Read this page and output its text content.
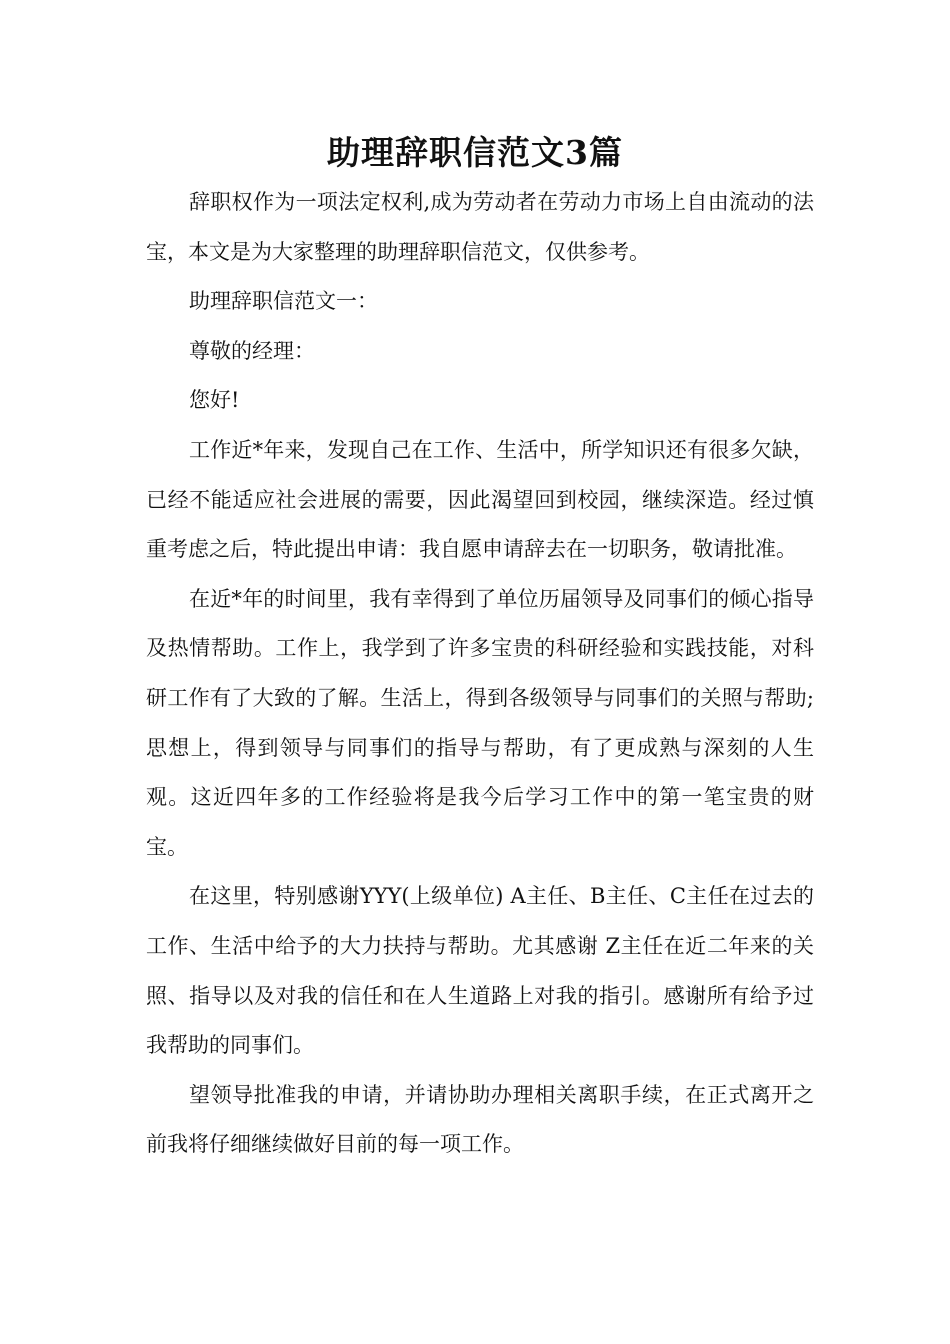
助理辞职信范文3篇

辞职权作为一项法定权利,成为劳动者在劳动力市场上自由流动的法宝，本文是为大家整理的助理辞职信范文，仅供参考。

助理辞职信范文一：

尊敬的经理：

您好!

工作近*年来，发现自己在工作、生活中，所学知识还有很多欠缺，已经不能适应社会进展的需要，因此渴望回到校园，继续深造。经过慎重考虑之后，特此提出申请：我自愿申请辞去在一切职务，敬请批准。

在近*年的时间里，我有幸得到了单位历届领导及同事们的倾心指导及热情帮助。工作上，我学到了许多宝贵的科研经验和实践技能，对科研工作有了大致的了解。生活上，得到各级领导与同事们的关照与帮助;思想上，得到领导与同事们的指导与帮助，有了更成熟与深刻的人生观。这近四年多的工作经验将是我今后学习工作中的第一笔宝贵的财宝。

在这里，特别感谢YYY(上级单位) A主任、B主任、C主任在过去的工作、生活中给予的大力扶持与帮助。尤其感谢 Z主任在近二年来的关照、指导以及对我的信任和在人生道路上对我的指引。感谢所有给予过我帮助的同事们。

望领导批准我的申请，并请协助办理相关离职手续，在正式离开之前我将仔细继续做好目前的每一项工作。
